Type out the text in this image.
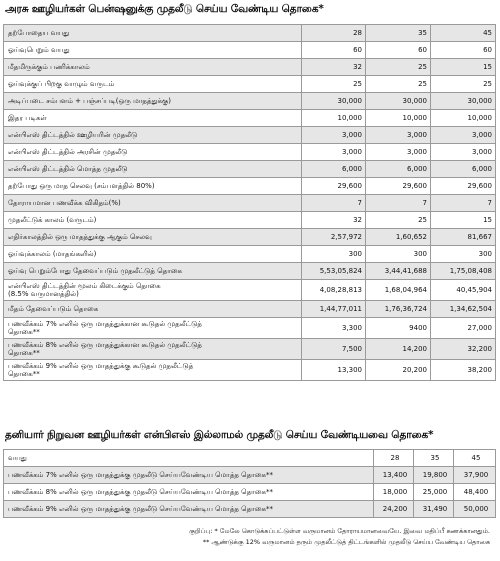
அரசு ஊழியர்கள் பென்ஷனுக்கு முதலீடு செய்ய வேண்டிய தொகை*
தற்போதைய வயது	28	35	45
ஓய்வுபெறும் வயது	60	60	60
மீதமிருக்கும் பணிக்காலம்	32	25	15
ஓய்வுக்குப் பிறகு வாழும் வருடம்	25	25	25
அடிப்படை சம்பளம் + பஞ்சப்படி(ஒரு மாதத்துக்கு)	30,000	30,000	30,000
இதர படிகள்	10,000	10,000	10,000
என்பிஎஸ் திட்டத்தில் ஊழியரின் முதலீடு	3,000	3,000	3,000
என்பிஎஸ் திட்டத்தில் அரசின் முதலீடு	3,000	3,000	3,000
என்பிஎஸ் திட்டத்தில் மொத்த முதலீடு	6,000	6,000	6,000
தற்போது ஒரு மாத செலவு (சம்பளத்தில் 80%)	29,600	29,600	29,600
தோராயமான பணவீக்க விகிதம்(%)	7	7	7
முதலீட்டுக் காலம் (வருடம்)	32	25	15
எதிர்காலத்தில் ஒரு மாதத்துக்கு ஆகும் செலவு	2,57,972	1,60,652	81,667
ஓய்வுக்காலம் (மாதங்களில்)	300	300	300
ஓய்வு பெறும்போது தேவைப்படும் முதலீட்டுத் தொகை	5,53,05,824	3,44,41,688	1,75,08,408
என்பிஎஸ் திட்டத்தின் மூலம் கிடைக்கும் தொகை
(8.5% வருமானத்தில்)	4,08,28,813	1,68,04,964	40,45,904
மீதம் தேவைப்படும் தொகை	1,44,77,011	1,76,36,724	1,34,62,504
பணவீக்கம் 7% எனில் ஒரு மாதத்துக்கான கூடுதல் முதலீட்டுத்
தொகை**	3,300	9400	27,000
பணவீக்கம் 8% எனில் ஒரு மாதத்துக்கான கூடுதல் முதலீட்டுத்
தொகை**	7,500	14,200	32,200
பணவீக்கம் 9% எனில் ஒரு மாதத்துக்கு கூடுதல் முதலீட்டுத்
தொகை**	13,300	20,200	38,200
தனியார் நிறுவன ஊழியர்கள் என்பிஎஸ் இல்லாமல் முதலீடு செய்ய வேண்டியவை தொகை*
வயது	28	35	45
பணவீக்கம் 7% எனில் ஒரு மாதத்துக்கு முதலீடு செய்யவேண்டிய மொத்த தொகை**	13,400	19,800	37,900
பணவீக்கம் 8% எனில் ஒரு மாதத்துக்கு முதலீடு செய்யவேண்டிய மொத்த தொகை**	18,000	25,000	48,400
பணவீக்கம் 9% எனில் ஒரு மாதத்துக்கு முதலீடு செய்யவேண்டிய மொத்த தொகை**	24,200	31,490	50,000
குறிப்பு: * மேலே கொடுக்கப்பட்டுள்ள வருமானம் தோராயமானவையே. இவை மதிப்பீ கணக்கானதும்.
** ஆண்டுக்கு 12% வருமானம் தரும் முதலீட்டுத் திட்டங்களில் முதலீடு செய்ய வேண்டிய தொகை
